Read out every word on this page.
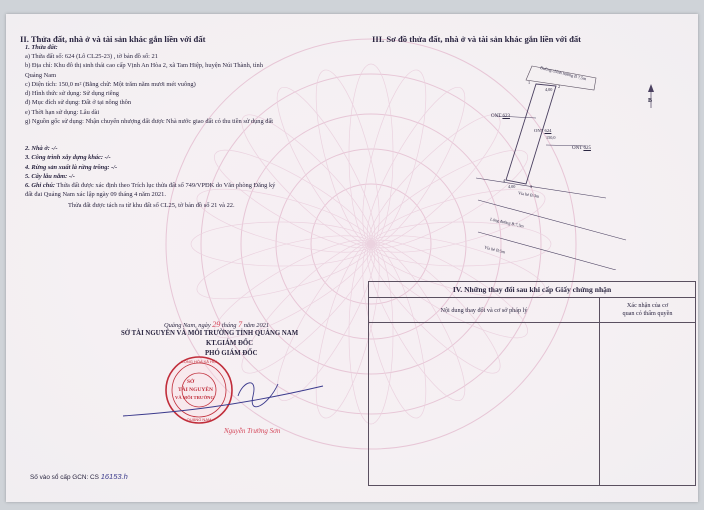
II. Thửa đất, nhà ở và tài sản khác gắn liền với đất
1. Thửa đất:
a) Thửa đất số: 624 (Lô CL25-23) , tờ bản đồ số: 21
b) Địa chỉ: Khu đô thị sinh thái cao cấp Vịnh An Hòa 2, xã Tam Hiệp, huyện Núi Thành, tỉnh
Quảng Nam
c) Diện tích: 150,0 m² (Bằng chữ: Một trăm năm mươi mét vuông)
d) Hình thức sử dụng: Sử dụng riêng
đ) Mục đích sử dụng: Đất ở tại nông thôn
e) Thời hạn sử dụng: Lâu dài
g) Nguồn gốc sử dụng: Nhận chuyển nhượng đất được Nhà nước giao đất có thu tiền sử dụng đất
2. Nhà ở: -/-
3. Công trình xây dựng khác: -/-
4. Rừng sản xuất là rừng trồng: -/-
5. Cây lâu năm: -/-
6. Ghi chú: Thửa đất được xác định theo Trích lục thửa đất số 749/VPĐK do Văn phòng Đăng ký
đất đai Quảng Nam xác lập ngày 09 tháng 4 năm 2021.
Thửa đất được tách ra từ khu đất số CL25, tờ bản đồ số 21 và 22.
Quảng Nam, ngày 29 tháng 7 năm 2021
SỞ TÀI NGUYÊN VÀ MÔI TRƯỜNG TỈNH QUẢNG NAM
KT.GIÁM ĐỐC
PHÓ GIÁM ĐỐC
CỘNG HÒA XÃ HỘI
QUẢNG NAM
SỞ
TÀI NGUYÊN
VÀ MÔI TRƯỜNG
Nguyễn Trường Sơn
Số vào sổ cấp GCN: CS 16153.h
III. Sơ đồ thửa đất, nhà ở và tài sản khác gắn liền với đất
Đường chính hướng B 7,5m
1
4,00
2
ONT 623
ONT 624
150,0
ONT 625
4
4,00	3
Vỉa hè B:3m
Lòng đường B:7,5m
Vỉa hè B:5m
B
IV. Những thay đổi sau khi cấp Giấy chứng nhận	
Nội dung thay đổi và cơ sở pháp lý	Xác nhận của cơ
quan có thẩm quyền
